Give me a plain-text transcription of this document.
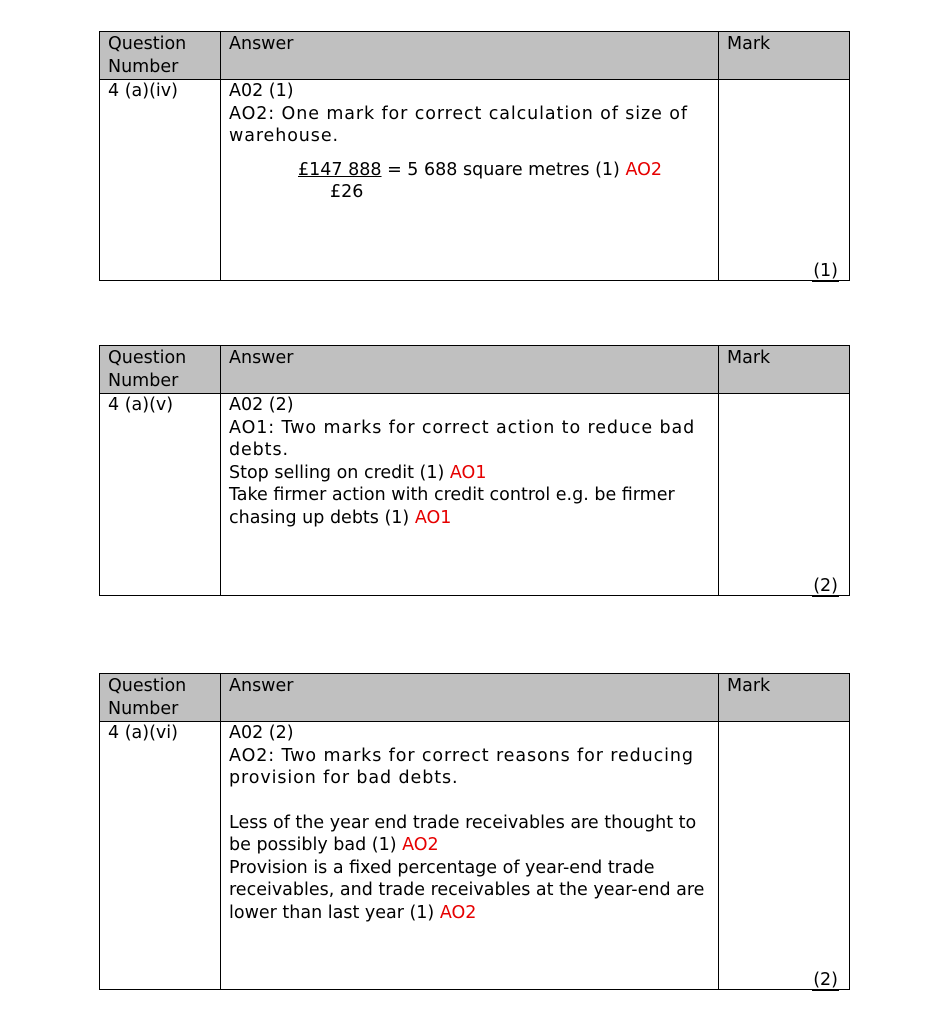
Question Number	Answer	Mark
4 (a)(iv)	A02 (1)
AO2: One mark for correct calculation of size of warehouse.
£147 888 = 5 688 square metres (1) AO2
£26	(1)
Question Number	Answer	Mark
4 (a)(v)	A02 (2)
AO1: Two marks for correct action to reduce bad debts.
Stop selling on credit (1) AO1
Take firmer action with credit control e.g. be firmer chasing up debts (1) AO1	(2)
Question Number	Answer	Mark
4 (a)(vi)	A02 (2)
AO2: Two marks for correct reasons for reducing provision for bad debts.
Less of the year end trade receivables are thought to be possibly bad (1) AO2
Provision is a fixed percentage of year-end trade receivables, and trade receivables at the year-end are lower than last year (1) AO2	(2)
